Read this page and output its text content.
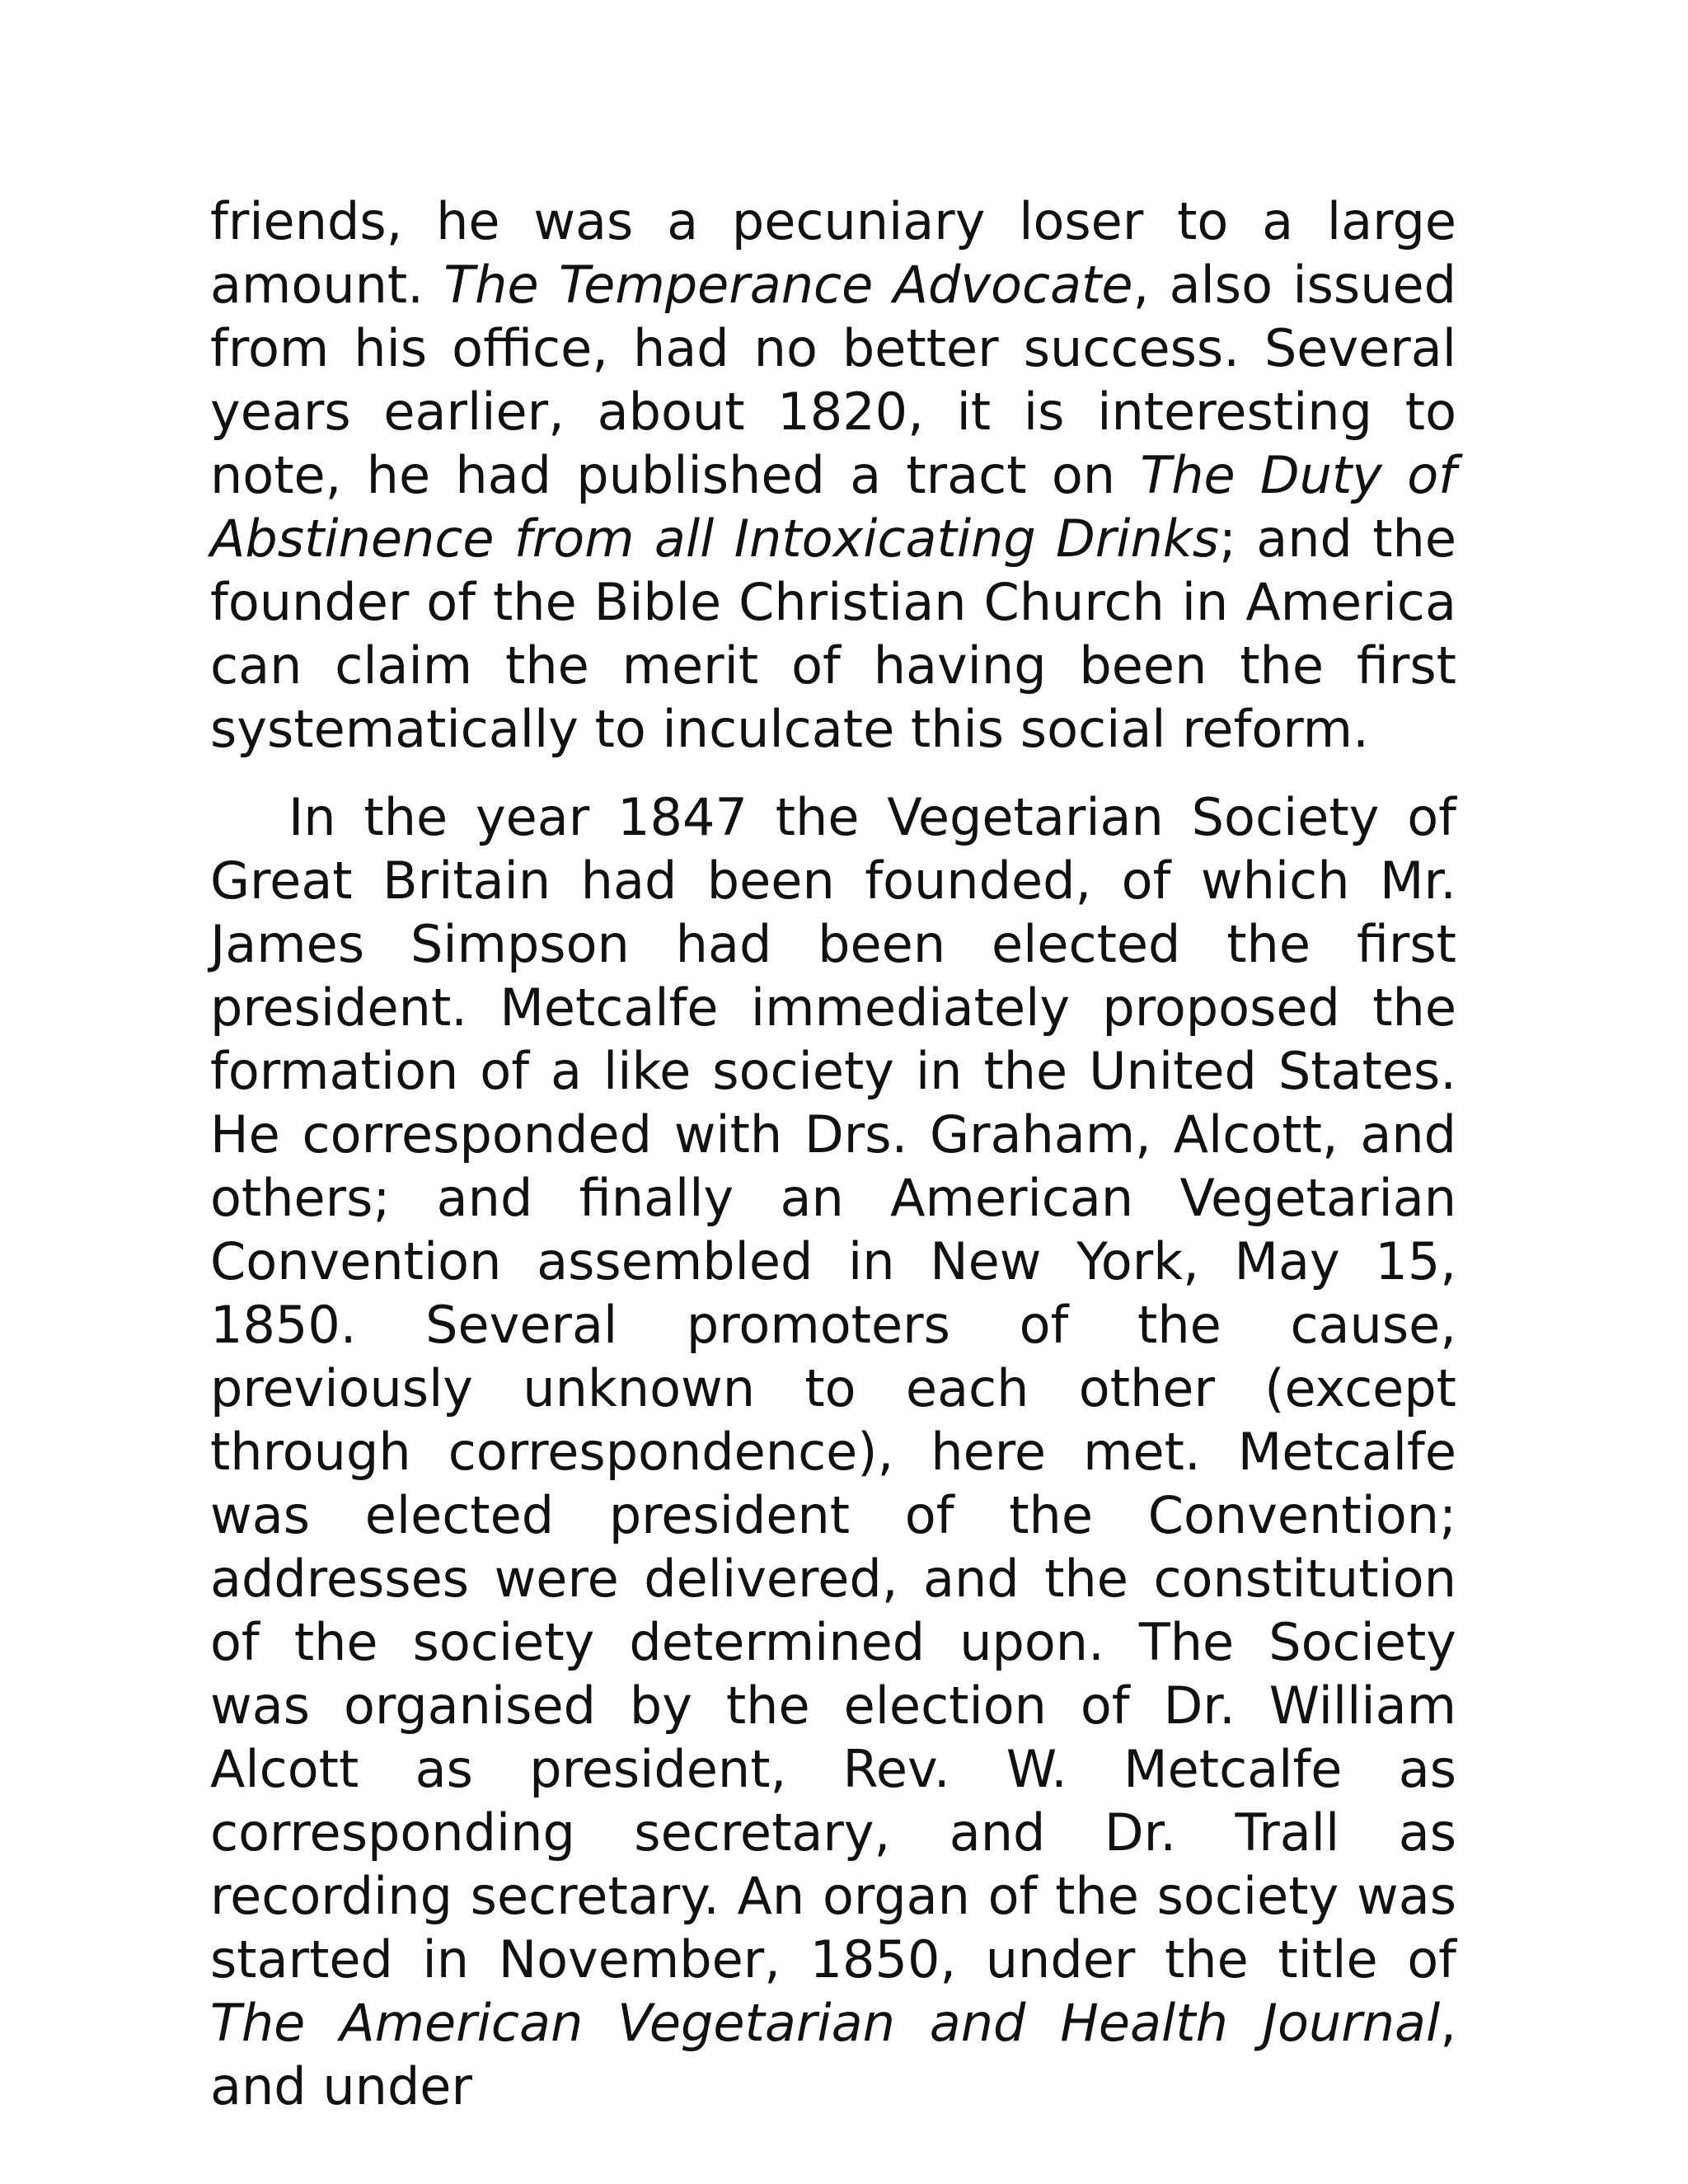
friends, he was a pecuniary loser to a large amount. The Temperance Advocate, also issued from his office, had no better success. Several years earlier, about 1820, it is interesting to note, he had published a tract on The Duty of Abstinence from all Intoxicating Drinks; and the founder of the Bible Christian Church in America can claim the merit of having been the first systematically to inculcate this social reform.

In the year 1847 the Vegetarian Society of Great Britain had been founded, of which Mr. James Simpson had been elected the first president. Metcalfe immediately proposed the formation of a like society in the United States. He corresponded with Drs. Graham, Alcott, and others; and finally an American Vegetarian Convention assembled in New York, May 15, 1850. Several promoters of the cause, previously unknown to each other (except through correspondence), here met. Metcalfe was elected president of the Convention; addresses were delivered, and the constitution of the society determined upon. The Society was organised by the election of Dr. William Alcott as president, Rev. W. Metcalfe as corresponding secretary, and Dr. Trall as recording secretary. An organ of the society was started in November, 1850, under the title of The American Vegetarian and Health Journal, and under
